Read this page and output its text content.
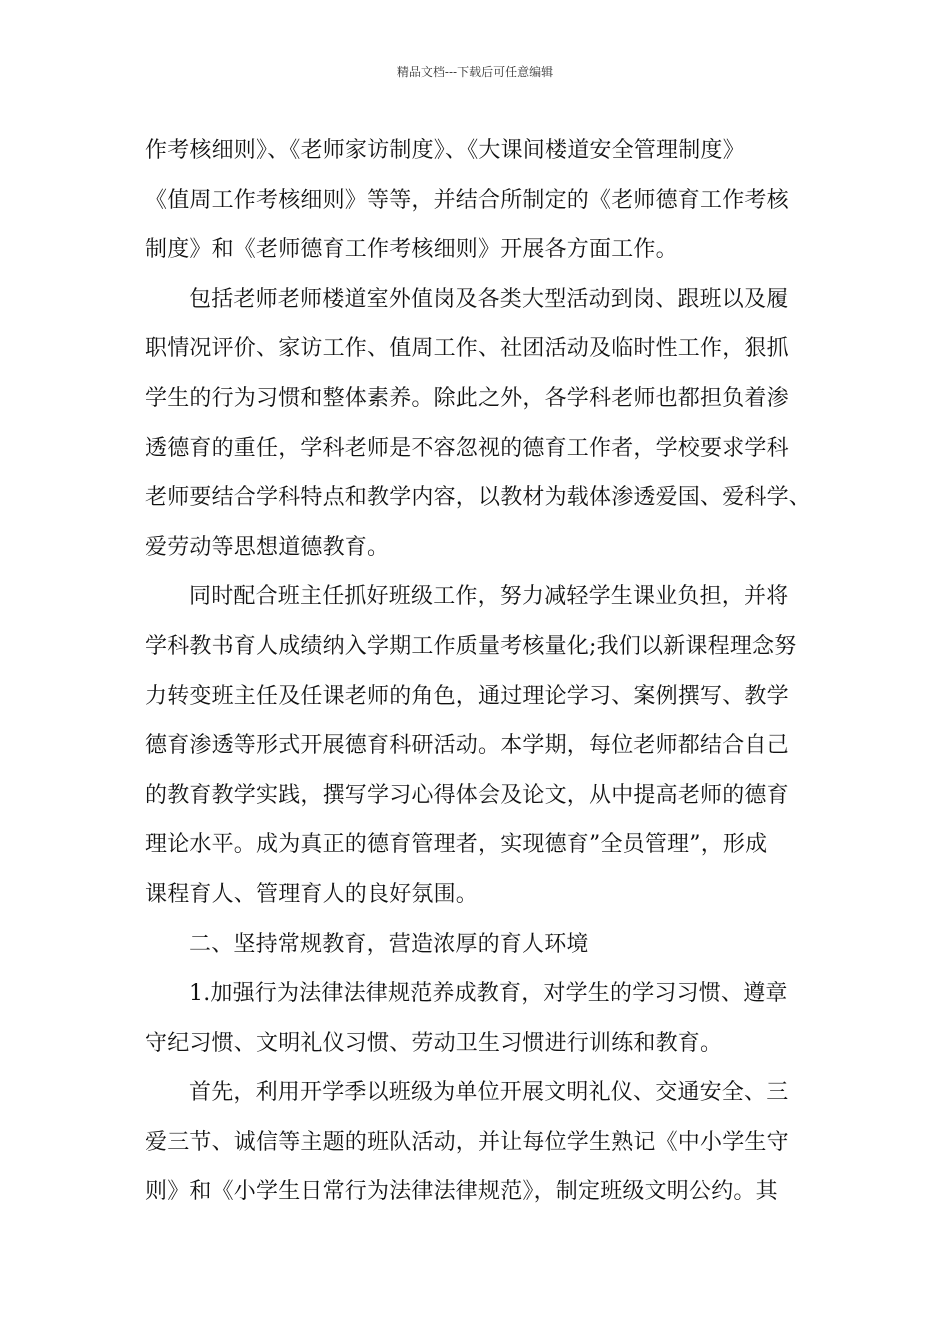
精品文档---下载后可任意编辑
作考核细则》、《老师家访制度》、《大课间楼道安全管理制度》
《值周工作考核细则》等等，并结合所制定的《老师德育工作考核
制度》和《老师德育工作考核细则》开展各方面工作。
包括老师老师楼道室外值岗及各类大型活动到岗、跟班以及履
职情况评价、家访工作、值周工作、社团活动及临时性工作，狠抓
学生的行为习惯和整体素养。除此之外，各学科老师也都担负着渗
透德育的重任，学科老师是不容忽视的德育工作者，学校要求学科
老师要结合学科特点和教学内容，以教材为载体渗透爱国、爱科学、
爱劳动等思想道德教育。
同时配合班主任抓好班级工作，努力减轻学生课业负担，并将
学科教书育人成绩纳入学期工作质量考核量化;我们以新课程理念努
力转变班主任及任课老师的角色，通过理论学习、案例撰写、教学
德育渗透等形式开展德育科研活动。本学期，每位老师都结合自己
的教育教学实践，撰写学习心得体会及论文，从中提高老师的德育
理论水平。成为真正的德育管理者，实现德育”全员管理”，形成
课程育人、管理育人的良好氛围。
二、坚持常规教育，营造浓厚的育人环境
1.加强行为法律法律规范养成教育，对学生的学习习惯、遵章
守纪习惯、文明礼仪习惯、劳动卫生习惯进行训练和教育。
首先，利用开学季以班级为单位开展文明礼仪、交通安全、三
爱三节、诚信等主题的班队活动，并让每位学生熟记《中小学生守
则》和《小学生日常行为法律法律规范》，制定班级文明公约。其
